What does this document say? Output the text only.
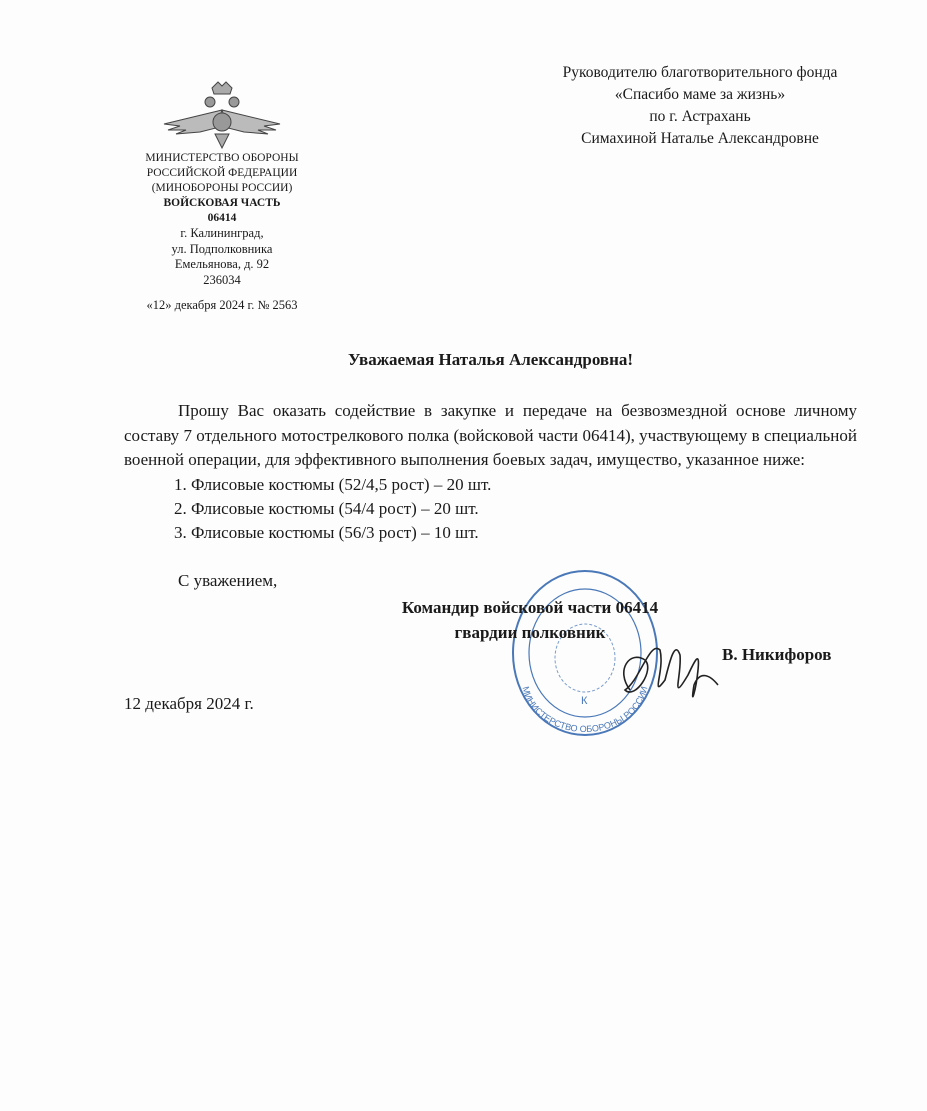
Руководителю благотворительного фонда
«Спасибо маме за жизнь»
по г. Астрахань
Симахиной Наталье Александровне
МИНИСТЕРСТВО ОБОРОНЫ
РОССИЙСКОЙ ФЕДЕРАЦИИ
(МИНОБОРОНЫ РОССИИ)
ВОЙСКОВАЯ ЧАСТЬ
06414
г. Калининград,
ул. Подполковника
Емельянова, д. 92
236034
«12» декабря 2024 г. № 2563
Уважаемая Наталья Александровна!
МИНИСТЕРСТВО ОБОРОНЫ РОССИИ
К

Прошу Вас оказать содействие в закупке и передаче на безвозмездной основе личному составу 7 отдельного мотострелкового полка (войсковой части 06414), участвующему в специальной военной операции, для эффективного выполнения боевых задач, имущество, указанное ниже:

1. Флисовые костюмы (52/4,5 рост) – 20 шт.
2. Флисовые костюмы (54/4 рост) – 20 шт.
3. Флисовые костюмы (56/3 рост) – 10 шт.
С уважением,
Командир войсковой части 06414
гвардии полковник
В. Никифоров
12 декабря 2024 г.
